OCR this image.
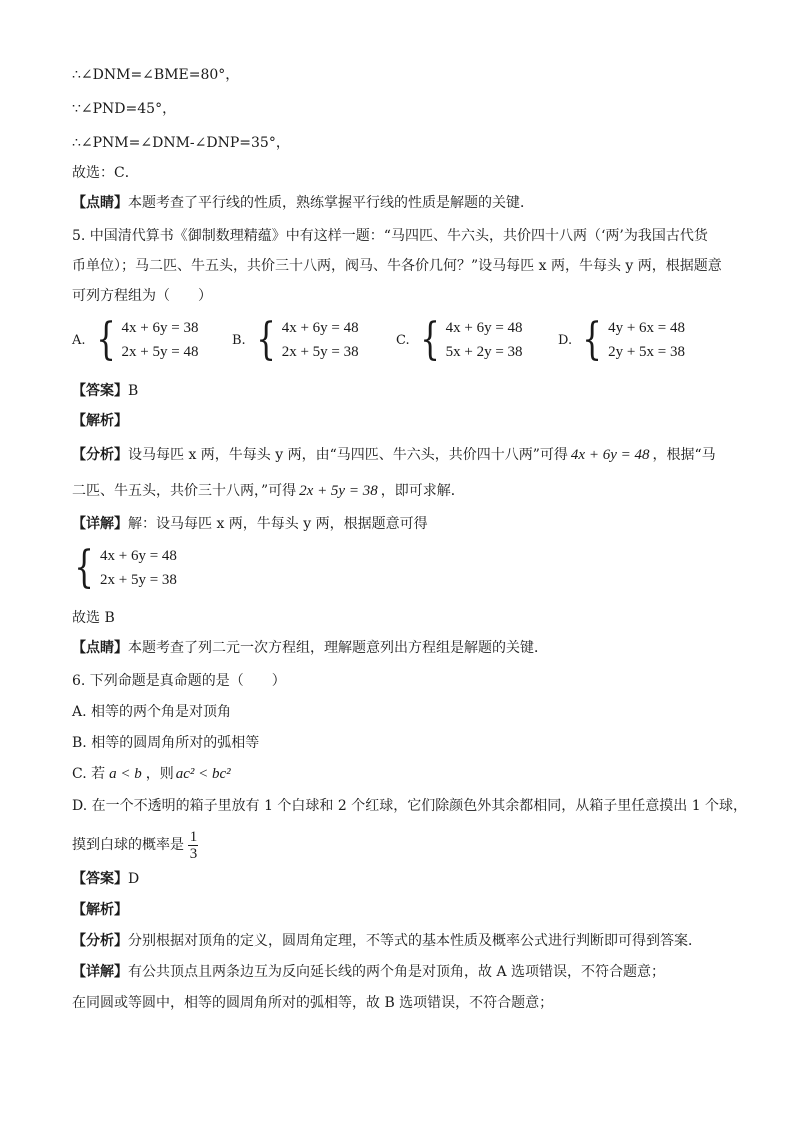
∴∠DNM=∠BME=80°，
∵∠PND=45°，
∴∠PNM=∠DNM-∠DNP=35°，
故选：C．
【点睛】本题考查了平行线的性质，熟练掌握平行线的性质是解题的关键．
5. 中国清代算书《御制数理精蕴》中有这样一题：“马四匹、牛六头，共价四十八两（‘两’为我国古代货
币单位）；马二匹、牛五头，共价三十八两，阀马、牛各价几何？”设马每匹 x 两，牛每头 y 两，根据题意
可列方程组为（　　）
A. { 4x + 6y = 38
2x + 5y = 48
B. { 4x + 6y = 48
2x + 5y = 38
C. { 4x + 6y = 48
5x + 2y = 38
D. { 4y + 6x = 48
2y + 5x = 38
【答案】B
【解析】
【分析】设马每匹 x 两，牛每头 y 两，由“马四匹、牛六头，共价四十八两”可得 4x + 6y = 48 ，根据“马
二匹、牛五头，共价三十八两，”可得 2x + 5y = 38 ，即可求解．
【详解】解：设马每匹 x 两，牛每头 y 两，根据题意可得
{ 4x + 6y = 48
2x + 5y = 38
故选 B
【点睛】本题考查了列二元一次方程组，理解题意列出方程组是解题的关键．
6. 下列命题是真命题的是（　　）
A. 相等的两个角是对顶角
B. 相等的圆周角所对的弧相等
C. 若 a < b ，则 ac² < bc²
D. 在一个不透明的箱子里放有 1 个白球和 2 个红球，它们除颜色外其余都相同，从箱子里任意摸出 1 个球，
摸到白球的概率是 $\frac{1}{3}$
【答案】D
【解析】
【分析】分别根据对顶角的定义，圆周角定理，不等式的基本性质及概率公式进行判断即可得到答案．
【详解】有公共顶点且两条边互为反向延长线的两个角是对顶角，故 A 选项错误，不符合题意；
在同圆或等圆中，相等的圆周角所对的弧相等，故 B 选项错误，不符合题意；
